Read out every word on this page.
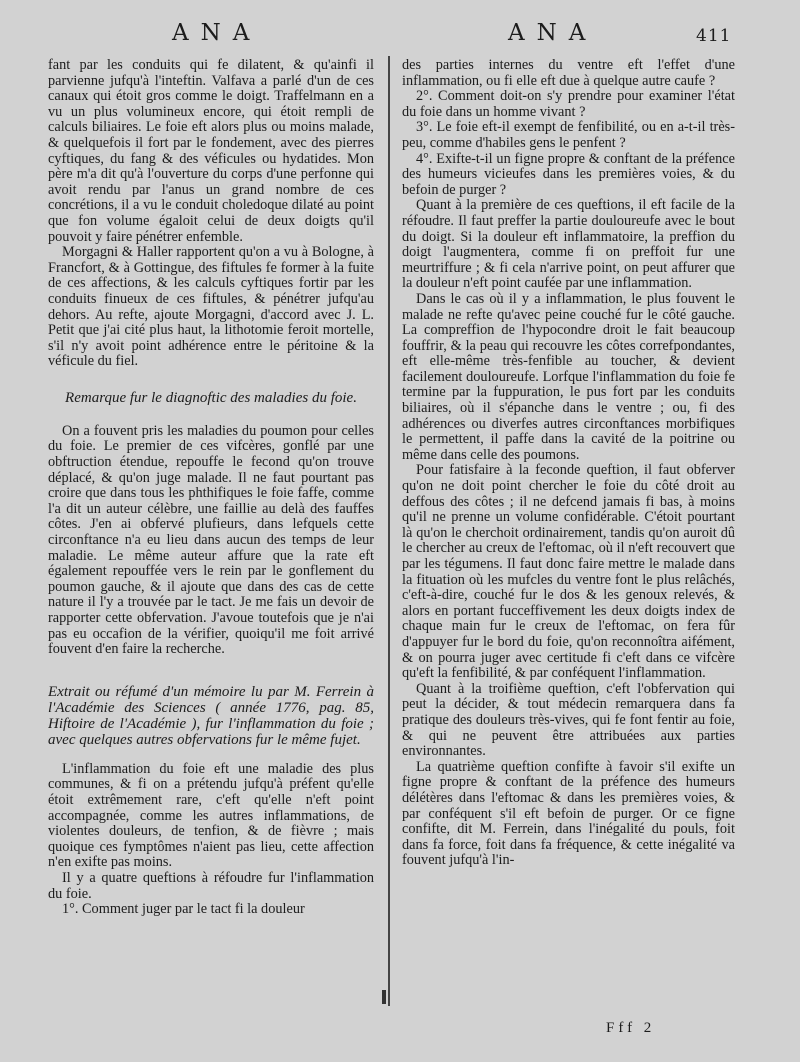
ANA	ANA	411

fant par les conduits qui fe dilatent, & qu'ainfi il parvienne jufqu'à l'inteftin. Valfava a parlé d'un de ces canaux qui étoit gros comme le doigt. Traffelmann en a vu un plus volumineux encore, qui étoit rempli de calculs biliaires. Le foie eft alors plus ou moins malade, & quelquefois il fort par le fondement, avec des pierres cyftiques, du fang & des véficules ou hydatides. Mon père m'a dit qu'à l'ouverture du corps d'une perfonne qui avoit rendu par l'anus un grand nombre de ces concrétions, il a vu le conduit choledoque dilaté au point que fon volume égaloit celui de deux doigts qu'il pouvoit y faire pénétrer enfemble.

Morgagni & Haller rapportent qu'on a vu à Bologne, à Francfort, & à Gottingue, des fiftules fe former à la fuite de ces affections, & les calculs cyftiques fortir par les conduits finueux de ces fiftules, & pénétrer jufqu'au dehors. Au refte, ajoute Morgagni, d'accord avec J. L. Petit que j'ai cité plus haut, la lithotomie feroit mortelle, s'il n'y avoit point adhérence entre le péritoine & la véficule du fiel.

Remarque fur le diagnoftic des maladies du foie.

On a fouvent pris les maladies du poumon pour celles du foie. Le premier de ces vifcères, gonflé par une obftruction étendue, repouffe le fecond qu'on trouve déplacé, & qu'on juge malade. Il ne faut pourtant pas croire que dans tous les phthifiques le foie faffe, comme l'a dit un auteur célèbre, une faillie au delà des fauffes côtes. J'en ai obfervé plufieurs, dans lefquels cette circonftance n'a eu lieu dans aucun des temps de leur maladie. Le même auteur affure que la rate eft également repouffée vers le rein par le gonflement du poumon gauche, & il ajoute que dans des cas de cette nature il l'y a trouvée par le tact. Je me fais un devoir de rapporter cette obfervation. J'avoue toutefois que je n'ai pas eu occafion de la vérifier, quoiqu'il me foit arrivé fouvent d'en faire la recherche.

Extrait ou réfumé d'un mémoire lu par M. Ferrein à l'Académie des Sciences ( année 1776, pag. 85, Hiftoire de l'Académie ), fur l'inflammation du foie ; avec quelques autres obfervations fur le même fujet.

L'inflammation du foie eft une maladie des plus communes, & fi on a prétendu jufqu'à préfent qu'elle étoit extrêmement rare, c'eft qu'elle n'eft point accompagnée, comme les autres inflammations, de violentes douleurs, de tenfion, & de fièvre ; mais quoique ces fymptômes n'aient pas lieu, cette affection n'en exifte pas moins.

Il y a quatre queftions à réfoudre fur l'inflammation du foie.

1°. Comment juger par le tact fi la douleur

des parties internes du ventre eft l'effet d'une inflammation, ou fi elle eft due à quelque autre caufe ?

2°. Comment doit-on s'y prendre pour examiner l'état du foie dans un homme vivant ?

3°. Le foie eft-il exempt de fenfibilité, ou en a-t-il très-peu, comme d'habiles gens le penfent ?

4°. Exifte-t-il un figne propre & conftant de la préfence des humeurs vicieufes dans les premières voies, & du befoin de purger ?

Quant à la première de ces queftions, il eft facile de la réfoudre. Il faut preffer la partie douloureufe avec le bout du doigt. Si la douleur eft inflammatoire, la preffion du doigt l'augmentera, comme fi on preffoit fur une meurtriffure ; & fi cela n'arrive point, on peut affurer que la douleur n'eft point caufée par une inflammation.

Dans le cas où il y a inflammation, le plus fouvent le malade ne refte qu'avec peine couché fur le côté gauche. La compreffion de l'hypocondre droit le fait beaucoup fouffrir, & la peau qui recouvre les côtes correfpondantes, eft elle-même très-fenfible au toucher, & devient facilement douloureufe. Lorfque l'inflammation du foie fe termine par la fuppuration, le pus fort par les conduits biliaires, où il s'épanche dans le ventre ; ou, fi des adhérences ou diverfes autres circonftances morbifiques le permettent, il paffe dans la cavité de la poitrine ou même dans celle des poumons.

Pour fatisfaire à la feconde queftion, il faut obferver qu'on ne doit point chercher le foie du côté droit au deffous des côtes ; il ne defcend jamais fi bas, à moins qu'il ne prenne un volume confidérable. C'étoit pourtant là qu'on le cherchoit ordinairement, tandis qu'on auroit dû le chercher au creux de l'eftomac, où il n'eft recouvert que par les tégumens. Il faut donc faire mettre le malade dans la fituation où les mufcles du ventre font le plus relâchés, c'eft-à-dire, couché fur le dos & les genoux relevés, & alors en portant fucceffivement les deux doigts index de chaque main fur le creux de l'eftomac, on fera fûr d'appuyer fur le bord du foie, qu'on reconnoîtra aifément, & on pourra juger avec certitude fi c'eft dans ce vifcère qu'eft la fenfibilité, & par conféquent l'inflammation.

Quant à la troifième queftion, c'eft l'obfervation qui peut la décider, & tout médecin remarquera dans fa pratique des douleurs très-vives, qui fe font fentir au foie, & qui ne peuvent être attribuées aux parties environnantes.

La quatrième queftion confifte à favoir s'il exifte un figne propre & conftant de la préfence des humeurs délétères dans l'eftomac & dans les premières voies, & par conféquent s'il eft befoin de purger. Or ce figne confifte, dit M. Ferrein, dans l'inégalité du pouls, foit dans fa force, foit dans fa fréquence, & cette inégalité va fouvent jufqu'à l'in-

Fff 2
